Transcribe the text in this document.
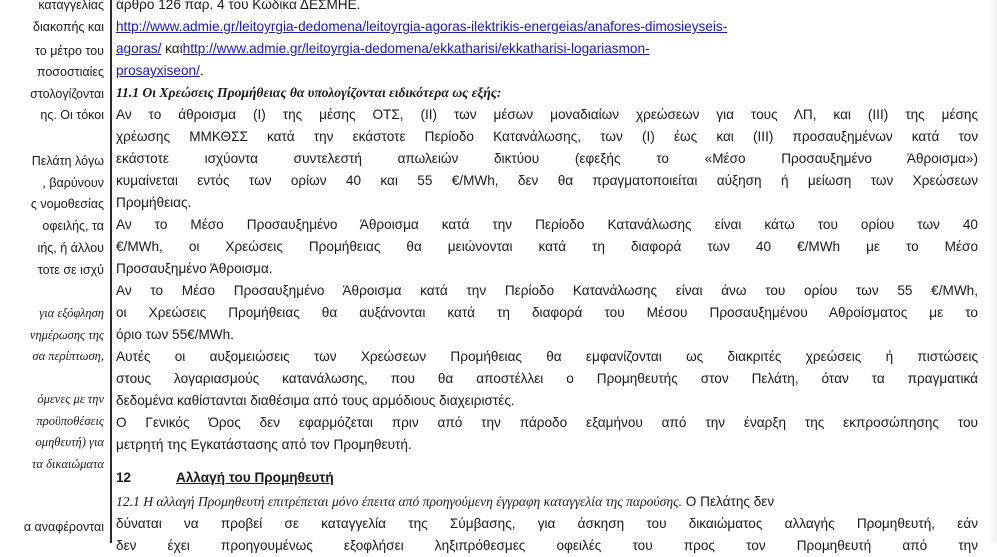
καταγγελίας
διακοπής και
το μέτρο του
ποσοστιαίες
στολογίζονται
ης. Οι τόκοι
Πελάτη λόγω
, βαρύνουν
ς νομοθεσίας
οφειλής, τα
ιής, ή άλλου
τοτε σε ισχύ
για εξόφληση
νημέρωσης της
σα περίπτωση,
όμενες με την
προϋποθέσεις
ομηθευτή) για
τα δικαιώματα
α αναφέρονται
άρθρο 126 παρ. 4 του Κώδικα ΔΕΣΜΗΕ.
http://www.admie.gr/leitoyrgia-dedomena/leitoyrgia-agoras-ilektrikis-energeias/anafores-dimosieyseis-
agoras/ καιhttp://www.admie.gr/leitoyrgia-dedomena/ekkatharisi/ekkatharisi-logariasmon-
prosayxiseon/.
11.1 Οι Χρεώσεις Προμήθειας θα υπολογίζονται ειδικότερα ως εξής:
Αν το άθροισμα (Ι) της μέσης ΟΤΣ, (ΙΙ) των μέσων μοναδιαίων χρεώσεων για τους ΛΠ, και (ΙΙΙ) της μέσης
χρέωσης ΜΜΚΘΣΣ κατά την εκάστοτε Περίοδο Κατανάλωσης, των (Ι) έως και (ΙΙΙ) προσαυξημένων κατά τον
εκάστοτε ισχύοντα συντελεστή απωλειών δικτύου (εφεξής το «Μέσο Προσαυξημένο Άθροισμα»)
κυμαίνεται εντός των ορίων 40 και 55 €/MWh, δεν θα πραγματοποιείται αύξηση ή μείωση των Χρεώσεων
Προμήθειας.
Αν το Μέσο Προσαυξημένο Άθροισμα κατά την Περίοδο Κατανάλωσης είναι κάτω του ορίου των 40
€/MWh, οι Χρεώσεις Προμήθειας θα μειώνονται κατά τη διαφορά των 40 €/MWh με το Μέσο
Προσαυξημένο Άθροισμα.
Αν το Μέσο Προσαυξημένο Άθροισμα κατά την Περίοδο Κατανάλωσης είναι άνω του ορίου των 55 €/MWh,
οι Χρεώσεις Προμήθειας θα αυξάνονται κατά τη διαφορά του Μέσου Προσαυξημένου Αθροίσματος με το
όριο των 55€/MWh.
Αυτές οι αυξομειώσεις των Χρεώσεων Προμήθειας θα εμφανίζονται ως διακριτές χρεώσεις ή πιστώσεις
στους λογαριασμούς κατανάλωσης, που θα αποστέλλει ο Προμηθευτής στον Πελάτη, όταν τα πραγματικά
δεδομένα καθίστανται διαθέσιμα από τους αρμόδιους διαχειριστές.
Ο Γενικός Όρος δεν εφαρμόζεται πριν από την πάροδο εξαμήνου από την έναρξη της εκπροσώπησης του
μετρητή της Εγκατάστασης από τον Προμηθευτή.
12	Αλλαγή του Προμηθευτή
12.1 Η αλλαγή Προμηθευτή επιτρέπεται μόνο έπειτα από προηγούμενη έγγραφη καταγγελία της παρούσης. Ο Πελάτης δεν
δύναται να προβεί σε καταγγελία της Σύμβασης, για άσκηση του δικαιώματος αλλαγής Προμηθευτή, εάν
δεν έχει προηγουμένως εξοφλήσει ληξιπρόθεσμες οφειλές του προς τον Προμηθευτή από την
